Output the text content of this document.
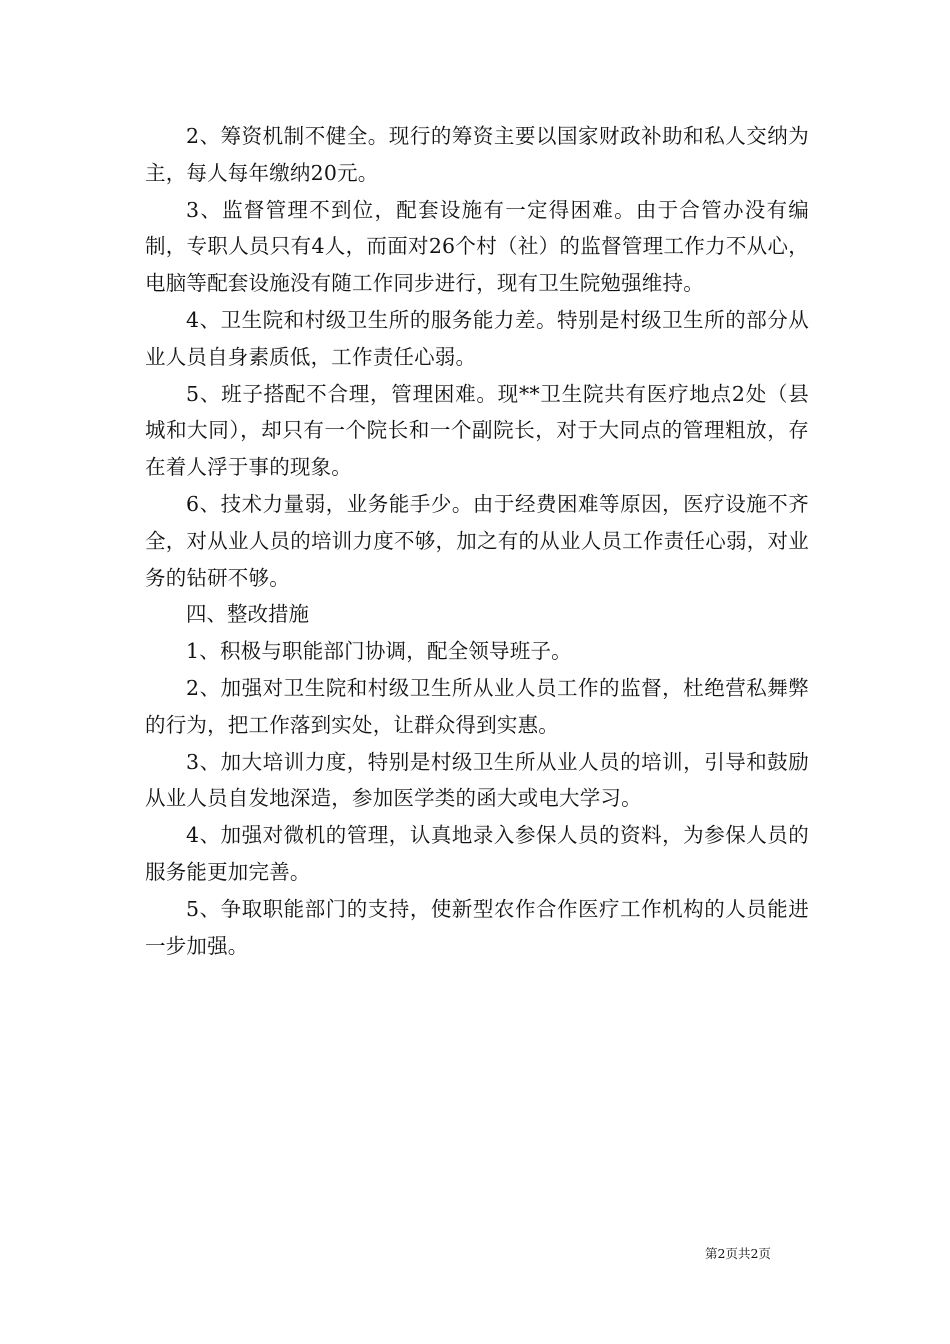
2、筹资机制不健全。现行的筹资主要以国家财政补助和私人交纳为主，每人每年缴纳20元。

3、监督管理不到位，配套设施有一定得困难。由于合管办没有编制，专职人员只有4人，而面对26个村（社）的监督管理工作力不从心，电脑等配套设施没有随工作同步进行，现有卫生院勉强维持。

4、卫生院和村级卫生所的服务能力差。特别是村级卫生所的部分从业人员自身素质低，工作责任心弱。

5、班子搭配不合理，管理困难。现**卫生院共有医疗地点2处（县城和大同），却只有一个院长和一个副院长，对于大同点的管理粗放，存在着人浮于事的现象。

6、技术力量弱，业务能手少。由于经费困难等原因，医疗设施不齐全，对从业人员的培训力度不够，加之有的从业人员工作责任心弱，对业务的钻研不够。

四、整改措施

1、积极与职能部门协调，配全领导班子。

2、加强对卫生院和村级卫生所从业人员工作的监督，杜绝营私舞弊的行为，把工作落到实处，让群众得到实惠。

3、加大培训力度，特别是村级卫生所从业人员的培训，引导和鼓励从业人员自发地深造，参加医学类的函大或电大学习。

4、加强对微机的管理，认真地录入参保人员的资料，为参保人员的服务能更加完善。

5、争取职能部门的支持，使新型农作合作医疗工作机构的人员能进一步加强。

第2页共2页
